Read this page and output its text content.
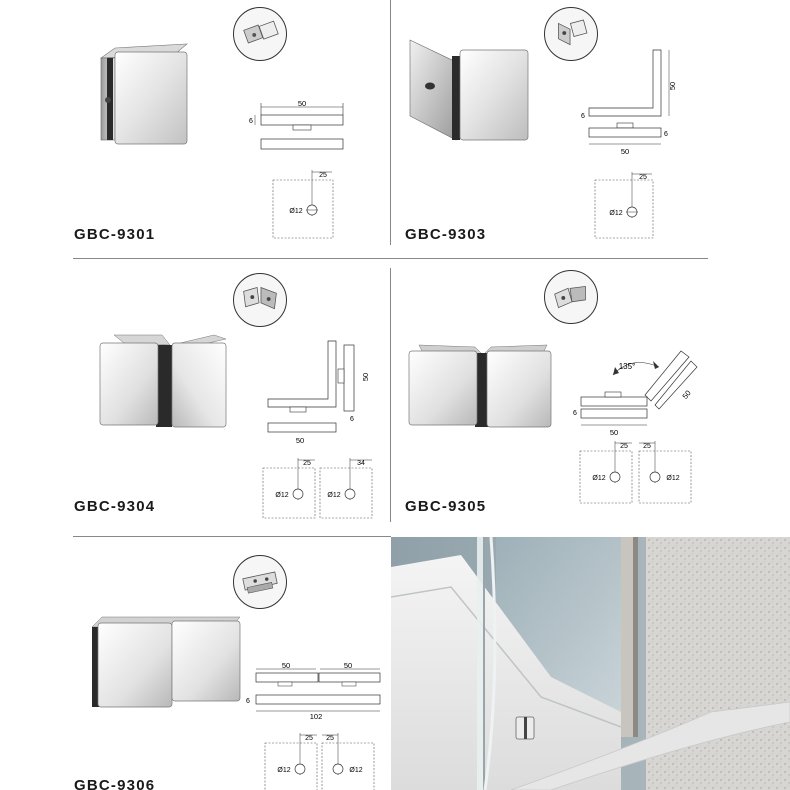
50
6
25
Ø12
GBC-9301
50
6
6
50
25
Ø12
GBC-9303
50
50
6
25
Ø12
34
Ø12
GBC-9304
135°
50
6
50
25
Ø12
25
Ø12
GBC-9305
50	50
6
102
25
Ø12
25
Ø12
GBC-9306
